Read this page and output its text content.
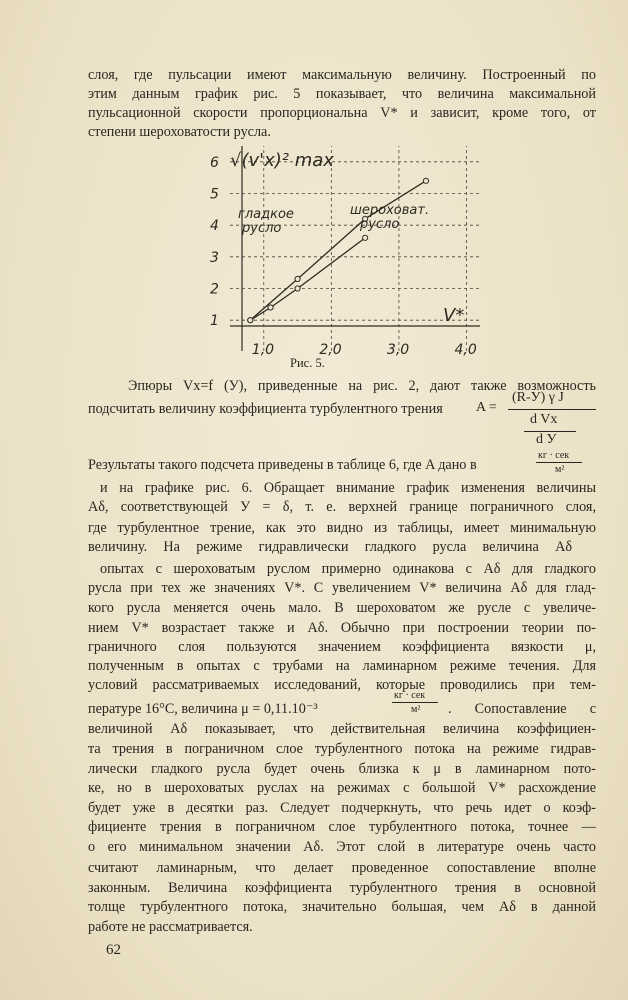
слоя, где пульсации имеют максимальную величину. Построенный по
этим данным график рис. 5 показывает, что величина максимальной
пульсационной скорости пропорциональна V* и зависит, кроме того, от
степени шероховатости русла.
1
2
3
4
5
6
1,0	2,0	3,0	4,0
√(v'x)² max
V*
гладкое
русло
шероховат.
русло
Рис. 5.
Эпюры Vx=f (У), приведенные на рис. 2, дают также возможность
подсчитать величину коэффициента турбулентного трения	A =
(R-У) γ J
d Vx
d У
Результаты такого подсчета приведены в таблице 6, где A дано в
кг · сек
м²
и на графике рис. 6. Обращает внимание график изменения величины
Aδ, соответствующей У = δ, т. е. верхней границе пограничного слоя,
где турбулентное трение, как это видно из таблицы, имеет минимальную
величину. На режиме гидравлически гладкого русла величина Aδ
опытах с шероховатым руслом примерно одинакова с Aδ для гладкого
русла при тех же значениях V*. С увеличением V* величина Aδ для глад-
кого русла меняется очень мало. В шероховатом же русле с увеличе-
нием V* возрастает также и Aδ. Обычно при построении теории по-
граничного слоя пользуются значением коэффициента вязкости μ,
полученным в опытах с трубами на ламинарном режиме течения. Для
условий рассматриваемых исследований, которые проводились при тем-
пературе 16°С, величина μ = 0,11.10⁻³
кг · сек
м² . Сопоставление с
величиной Aδ показывает, что действительная величина коэффициен-
та трения в пограничном слое турбулентного потока на режиме гидрав-
лически гладкого русла будет очень близка к μ в ламинарном пото-
ке, но в шероховатых руслах на режимах с большой V* расхождение
будет уже в десятки раз. Следует подчеркнуть, что речь идет о коэф-
фициенте трения в пограничном слое турбулентного потока, точнее —
о его минимальном значении Aδ. Этот слой в литературе очень часто
считают ламинарным, что делает проведенное сопоставление вполне
законным. Величина коэффициента турбулентного трения в основной
толще турбулентного потока, значительно большая, чем Aδ в данной
работе не рассматривается.
62
